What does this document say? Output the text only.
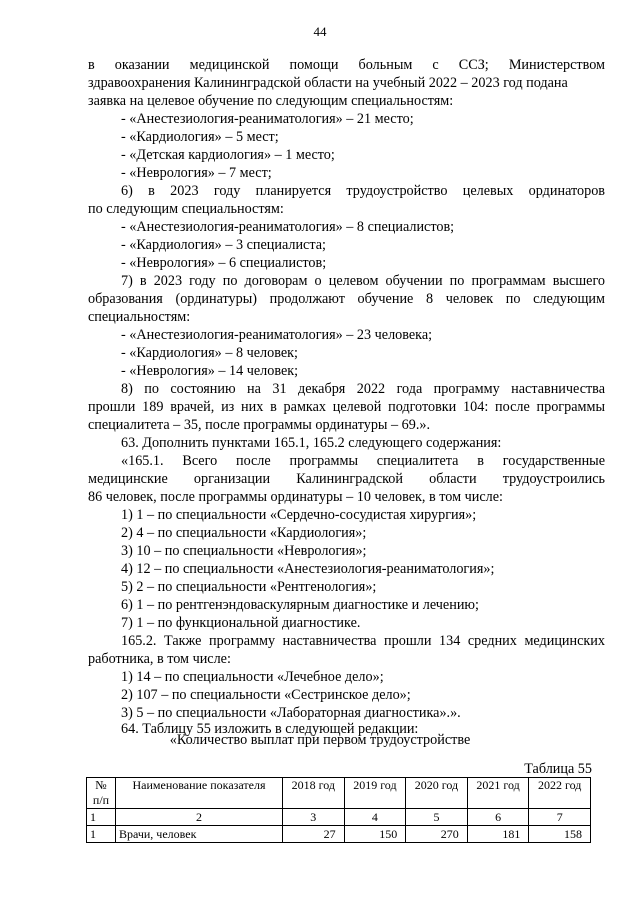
44
в оказании медицинской помощи больным с ССЗ; Министерством
здравоохранения Калининградской области на учебный 2022 – 2023 год подана
заявка на целевое обучение по следующим специальностям:
- «Анестезиология-реаниматология» – 21 место;
- «Кардиология» – 5 мест;
- «Детская кардиология» – 1 место;
- «Неврология» – 7 мест;
6) в 2023 году планируется трудоустройство целевых ординаторов
по следующим специальностям:
- «Анестезиология-реаниматология» – 8 специалистов;
- «Кардиология» – 3 специалиста;
- «Неврология» – 6 специалистов;
7) в 2023 году по договорам о целевом обучении по программам высшего
образования (ординатуры) продолжают обучение 8 человек по следующим
специальностям:
- «Анестезиология-реаниматология» – 23 человека;
- «Кардиология» – 8 человек;
- «Неврология» – 14 человек;
8) по состоянию на 31 декабря 2022 года программу наставничества
прошли 189 врачей, из них в рамках целевой подготовки 104: после программы
специалитета – 35, после программы ординатуры – 69.».
63. Дополнить пунктами 165.1, 165.2 следующего содержания:
«165.1. Всего после программы специалитета в государственные
медицинские организации Калининградской области трудоустроились
86 человек, после программы ординатуры – 10 человек, в том числе:
1) 1 – по специальности «Сердечно-сосудистая хирургия»;
2) 4 – по специальности «Кардиология»;
3) 10 – по специальности «Неврология»;
4) 12 – по специальности «Анестезиология-реаниматология»;
5) 2 – по специальности «Рентгенология»;
6) 1 – по рентгенэндоваскулярным диагностике и лечению;
7) 1 – по функциональной диагностике.
165.2. Также программу наставничества прошли 134 средних медицинских
работника, в том числе:
1) 14 – по специальности «Лечебное дело»;
2) 107 – по специальности «Сестринское дело»;
3) 5 – по специальности «Лабораторная диагностика».».
64. Таблицу 55 изложить в следующей редакции:
«Количество выплат при первом трудоустройстве
Таблица 55
№ п/п	Наименование показателя	2018 год	2019 год	2020 год	2021 год	2022 год
1	2	3	4	5	6	7
1	Врачи, человек	27	150	270	181	158
